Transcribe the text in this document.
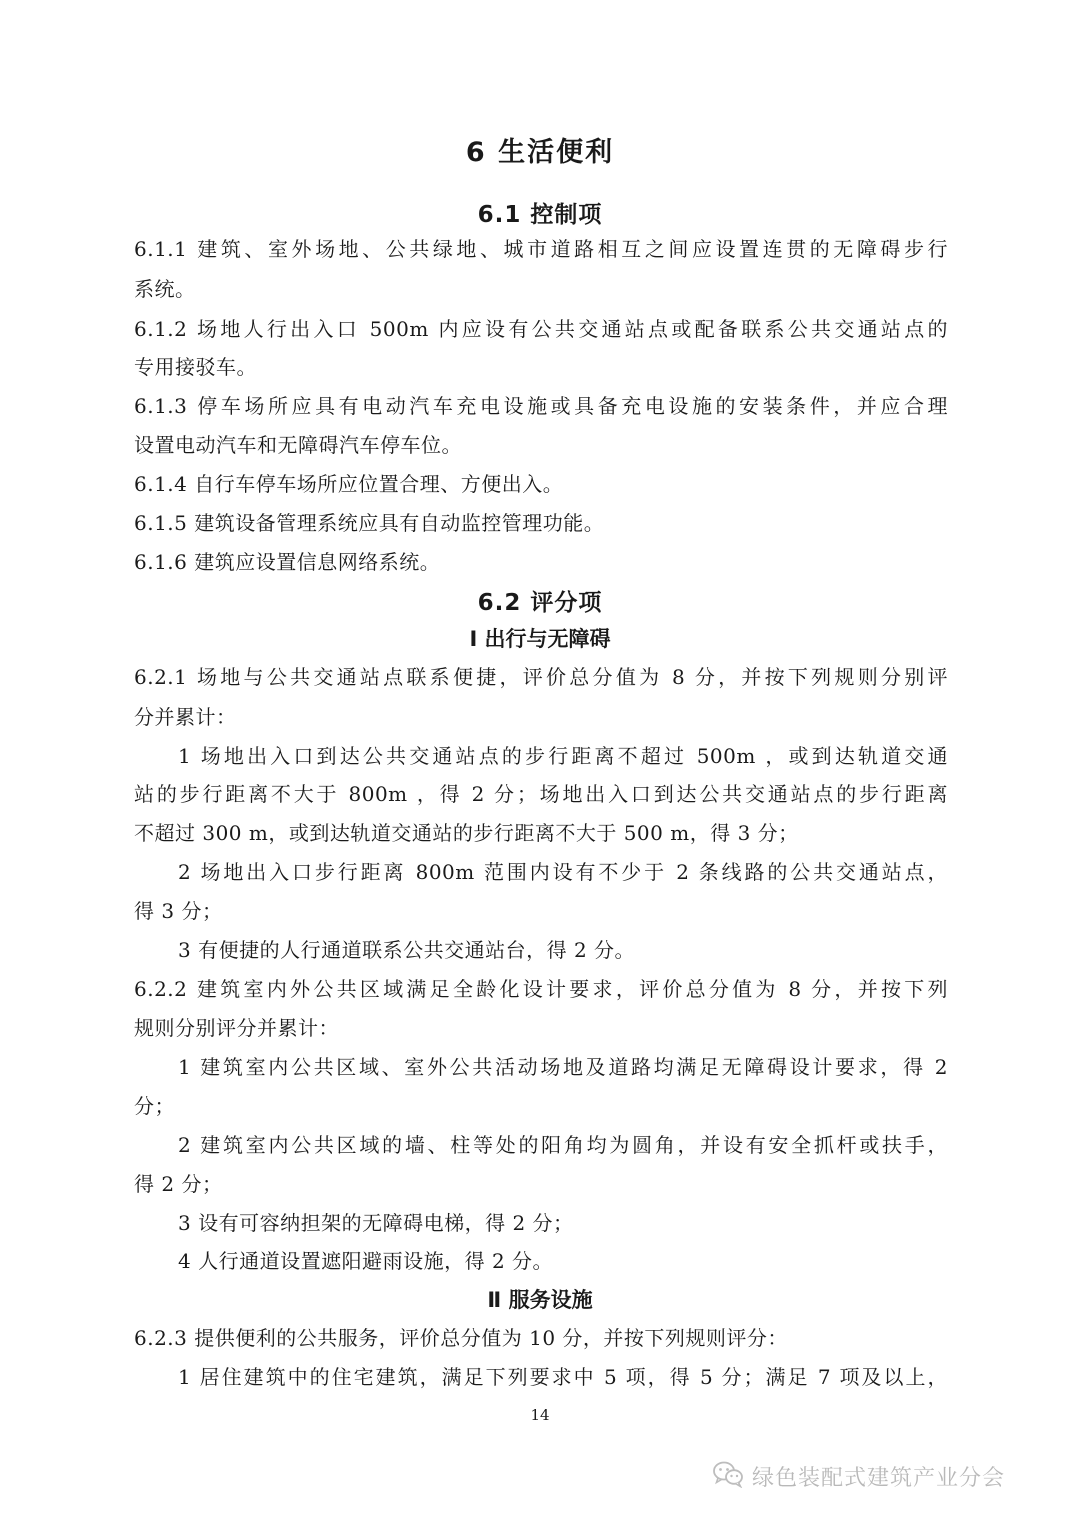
6 生活便利
6.1 控制项
6.1.1 建筑、室外场地、公共绿地、城市道路相互之间应设置连贯的无障碍步行
系统。
6.1.2 场地人行出入口 500m 内应设有公共交通站点或配备联系公共交通站点的
专用接驳车。
6.1.3 停车场所应具有电动汽车充电设施或具备充电设施的安装条件，并应合理
设置电动汽车和无障碍汽车停车位。
6.1.4 自行车停车场所应位置合理、方便出入。
6.1.5 建筑设备管理系统应具有自动监控管理功能。
6.1.6 建筑应设置信息网络系统。
6.2 评分项
Ⅰ 出行与无障碍
6.2.1 场地与公共交通站点联系便捷，评价总分值为 8 分，并按下列规则分别评
分并累计：
1 场地出入口到达公共交通站点的步行距离不超过 500m ，或到达轨道交通
站的步行距离不大于 800m ，得 2 分；场地出入口到达公共交通站点的步行距离
不超过 300 m，或到达轨道交通站的步行距离不大于 500 m，得 3 分；
2 场地出入口步行距离 800m 范围内设有不少于 2 条线路的公共交通站点，
得 3 分；
3 有便捷的人行通道联系公共交通站台，得 2 分。
6.2.2 建筑室内外公共区域满足全龄化设计要求，评价总分值为 8 分，并按下列
规则分别评分并累计：
1 建筑室内公共区域、室外公共活动场地及道路均满足无障碍设计要求，得 2
分；
2 建筑室内公共区域的墙、柱等处的阳角均为圆角，并设有安全抓杆或扶手，
得 2 分；
3 设有可容纳担架的无障碍电梯，得 2 分；
4 人行通道设置遮阳避雨设施，得 2 分。
Ⅱ 服务设施
6.2.3 提供便利的公共服务，评价总分值为 10 分，并按下列规则评分：
1 居住建筑中的住宅建筑，满足下列要求中 5 项，得 5 分；满足 7 项及以上，
14
绿色装配式建筑产业分会
